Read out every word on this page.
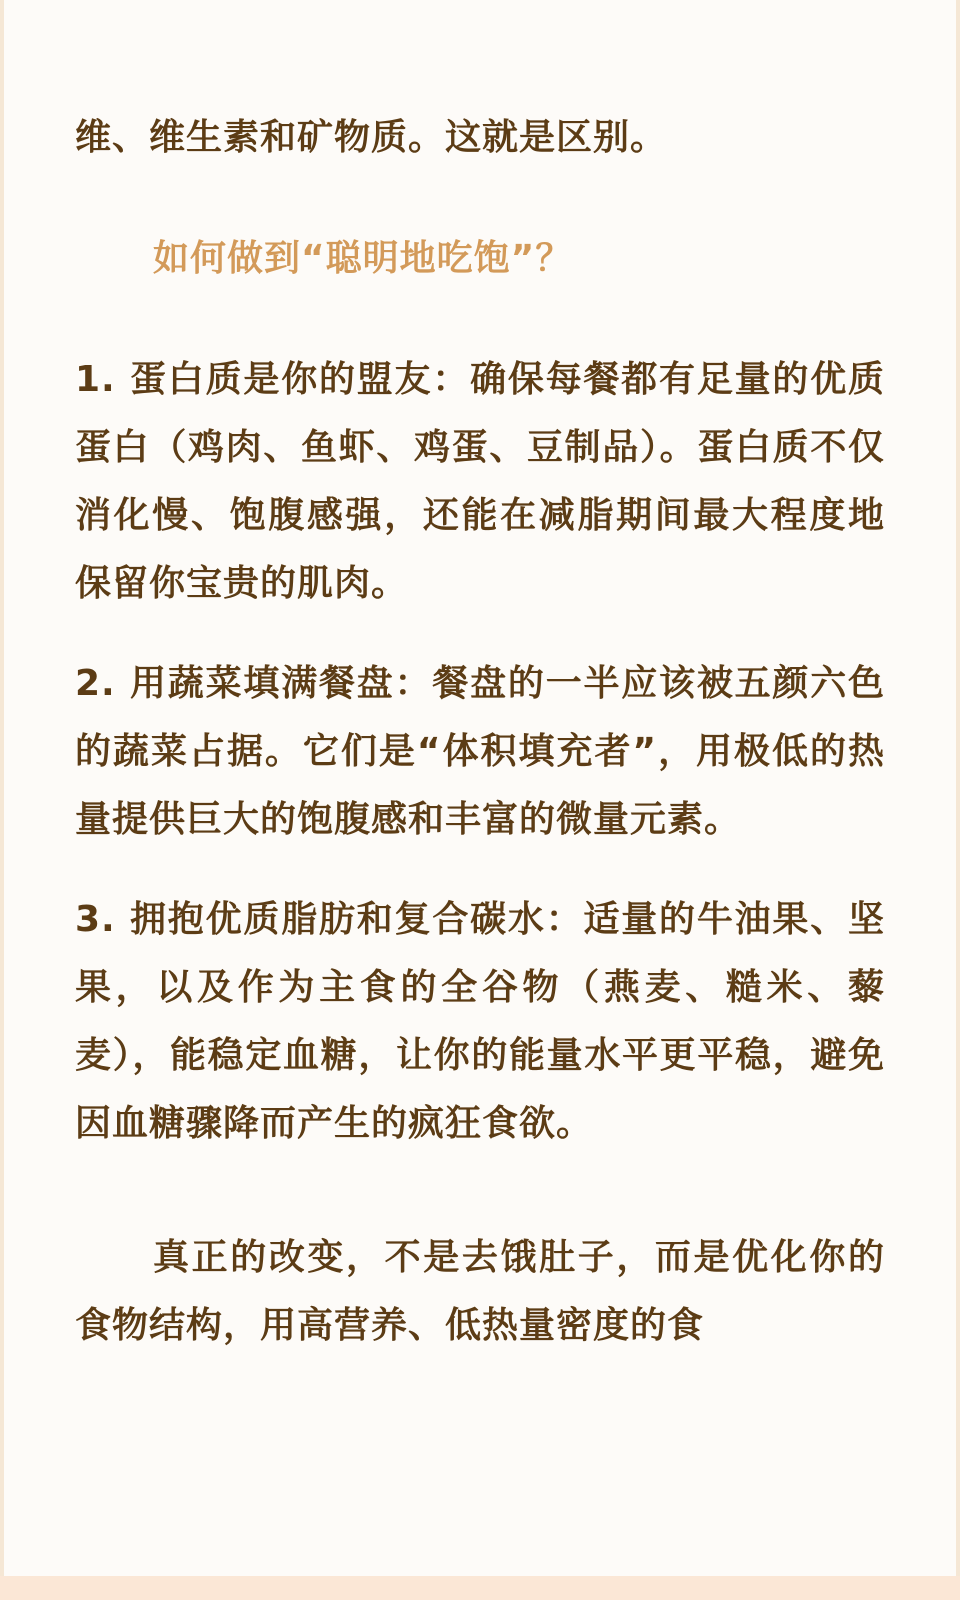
维、维生素和矿物质。这就是区别。

如何做到“聪明地吃饱”？

1. 蛋白质是你的盟友：确保每餐都有足量的优质蛋白（鸡肉、鱼虾、鸡蛋、豆制品）。蛋白质不仅消化慢、饱腹感强，还能在减脂期间最大程度地保留你宝贵的肌肉。

2. 用蔬菜填满餐盘：餐盘的一半应该被五颜六色的蔬菜占据。它们是“体积填充者”，用极低的热量提供巨大的饱腹感和丰富的微量元素。

3. 拥抱优质脂肪和复合碳水：适量的牛油果、坚果，以及作为主食的全谷物（燕麦、糙米、藜麦），能稳定血糖，让你的能量水平更平稳，避免因血糖骤降而产生的疯狂食欲。

真正的改变，不是去饿肚子，而是优化你的食物结构，用高营养、低热量密度的食
